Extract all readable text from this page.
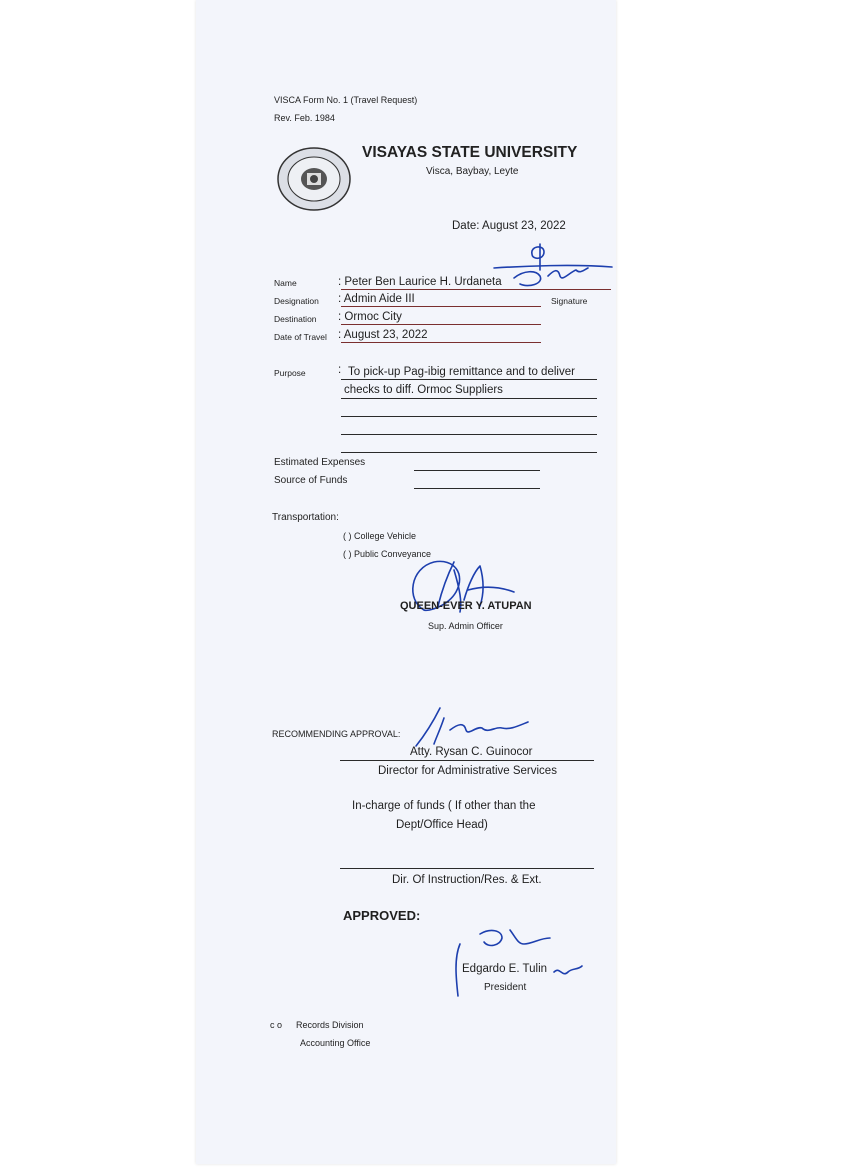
VISCA Form No. 1 (Travel Request)
Rev. Feb. 1984
VISAYAS STATE UNIVERSITY
Visca, Baybay, Leyte
Date: August 23, 2022
Name	: Peter Ben Laurice H. Urdaneta
Designation : Admin Aide III	Signature
Destination : Ormoc City
Date of Travel : August 23, 2022
Purpose	: To pick-up Pag-ibig remittance and to deliver
checks to diff. Ormoc Suppliers
Estimated Expenses
Source of Funds
Transportation:
( ) College Vehicle
( ) Public Conveyance
QUEEN-EVER Y. ATUPAN
Sup. Admin Officer
RECOMMENDING APPROVAL:
Atty. Rysan C. Guinocor
Director for Administrative Services
In-charge of funds ( If other than the
Dept/Office Head)
Dir. Of Instruction/Res. & Ext.
APPROVED:
Edgardo E. Tulin
President
c o Records Division
Accounting Office
